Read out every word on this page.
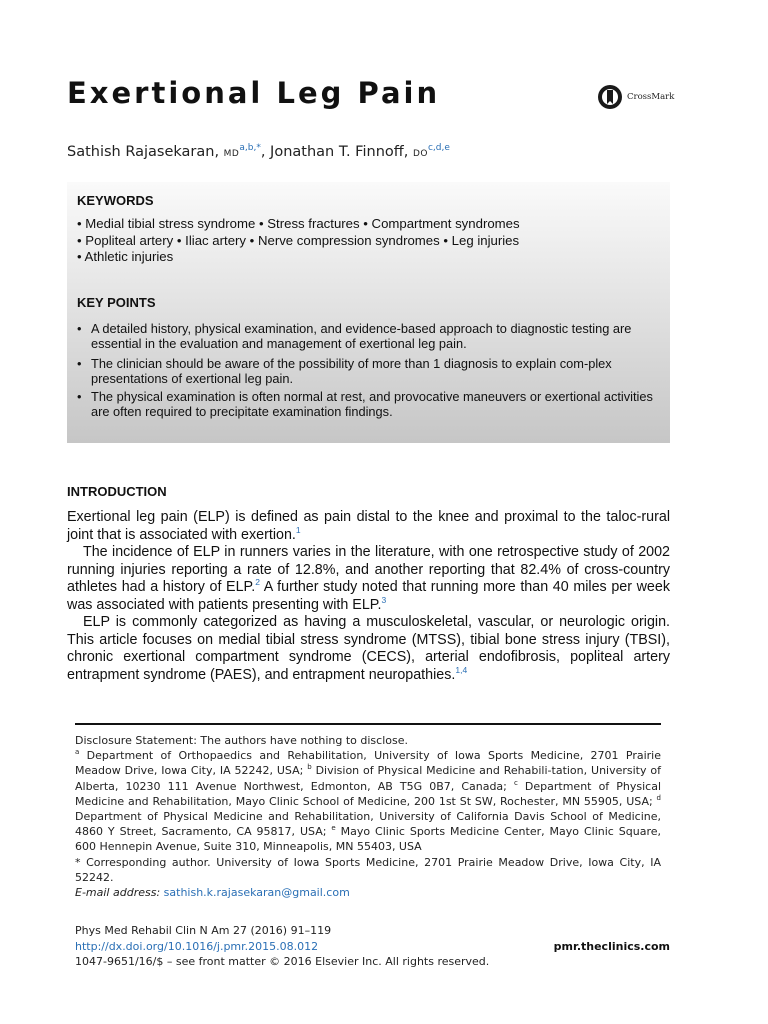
Exertional Leg Pain	CrossMark
Sathish Rajasekaran, $MD^{a,b,*}$, Jonathan T. Finnoff, DO$^{c,d,e}$
KEYWORDS
• Medial tibial stress syndrome • Stress fractures • Compartment syndromes
• Popliteal artery • Iliac artery • Nerve compression syndromes • Leg injuries
• Athletic injuries
KEY POINTS
• A detailed history, physical examination, and evidence-based approach to diagnostic testing are essential in the evaluation and management of exertional leg pain.
• The clinician should be aware of the possibility of more than 1 diagnosis to explain com-plex presentations of exertional leg pain.
• The physical examination is often normal at rest, and provocative maneuvers or exertional activities are often required to precipitate examination findings.
INTRODUCTION

Exertional leg pain (ELP) is defined as pain distal to the knee and proximal to the taloc-rural joint that is associated with exertion.$^1$

The incidence of ELP in runners varies in the literature, with one retrospective study of 2002 running injuries reporting a rate of 12.8%, and another reporting that 82.4% of cross-country athletes had a history of ELP.$^2$ A further study noted that running more than 40 miles per week was associated with patients presenting with ELP.$^3$

ELP is commonly categorized as having a musculoskeletal, vascular, or neurologic origin. This article focuses on medial tibial stress syndrome (MTSS), tibial bone stress injury (TBSI), chronic exertional compartment syndrome (CECS), arterial endofibrosis, popliteal artery entrapment syndrome (PAES), and entrapment neuropathies.$^{1,4}$

Disclosure Statement: The authors have nothing to disclose.

$^a$ Department of Orthopaedics and Rehabilitation, University of Iowa Sports Medicine, 2701 Prairie Meadow Drive, Iowa City, IA 52242, USA; $^b$ Division of Physical Medicine and Rehabili-tation, University of Alberta, 10230 111 Avenue Northwest, Edmonton, AB T5G 0B7, Canada; $^c$ Department of Physical Medicine and Rehabilitation, Mayo Clinic School of Medicine, 200 1st St SW, Rochester, MN 55905, USA; $^d$ Department of Physical Medicine and Rehabilitation, University of California Davis School of Medicine, 4860 Y Street, Sacramento, CA 95817, USA; $^e$ Mayo Clinic Sports Medicine Center, Mayo Clinic Square, 600 Hennepin Avenue, Suite 310, Minneapolis, MN 55403, USA

* Corresponding author. University of Iowa Sports Medicine, 2701 Prairie Meadow Drive, Iowa City, IA 52242.

E-mail address: sathish.k.rajasekaran@gmail.com

Phys Med Rehabil Clin N Am 27 (2016) 91–119
http://dx.doi.org/10.1016/j.pmr.2015.08.012	pmr.theclinics.com
1047-9651/16/$ – see front matter © 2016 Elsevier Inc. All rights reserved.
